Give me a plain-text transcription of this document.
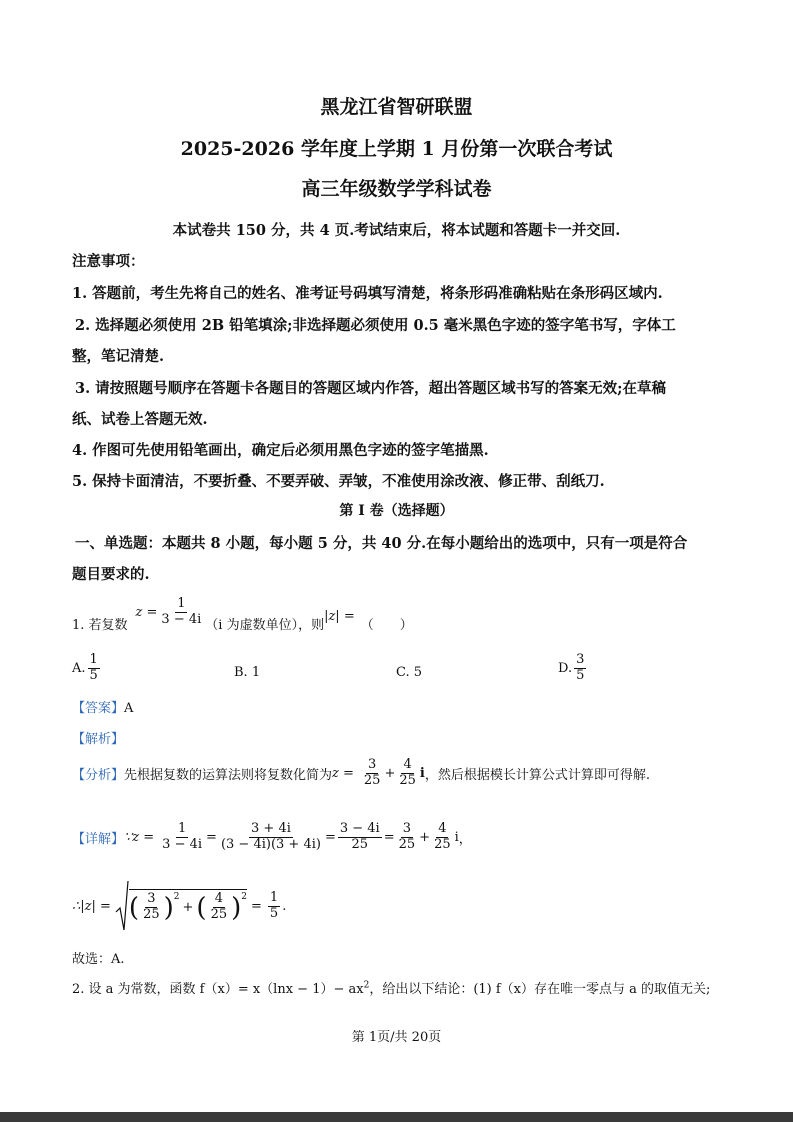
黑龙江省智研联盟
2025-2026 学年度上学期 1 月份第一次联合考试
高三年级数学学科试卷
本试卷共 150 分，共 4 页.考试结束后，将本试题和答题卡一并交回.
注意事项：
1. 答题前，考生先将自己的姓名、准考证号码填写清楚，将条形码准确粘贴在条形码区域内.
2. 选择题必须使用 2B 铅笔填涂;非选择题必须使用 0.5 毫米黑色字迹的签字笔书写，字体工
整，笔记清楚.
3. 请按照题号顺序在答题卡各题目的答题区域内作答，超出答题区域书写的答案无效;在草稿
纸、试卷上答题无效.
4. 作图可先使用铅笔画出，确定后必须用黑色字迹的签字笔描黑.
5. 保持卡面清洁，不要折叠、不要弄破、弄皱，不准使用涂改液、修正带、刮纸刀.
第 I 卷（选择题）
一、单选题：本题共 8 小题，每小题 5 分，共 40 分.在每小题给出的选项中，只有一项是符合
题目要求的.
1. 若复数
$z = \frac{1}{3 - 4i} (i$ 为虚数单位），则
|z| =
（　　）
A. $\frac{1}{5}$	B. 1	C. 5	D. $\frac{3}{5}$
【答案】A
【解析】
【分析】 先根据复数的运算法则将复数化简为 $z = \frac{3}{25} + \frac{4}{25}$ i ，然后根据模长计算公式计算即可得解.
【详解】 ∵z = $\frac{1}{3 - 4i} = \frac{3 + 4i}{(3 - 4i)(3 + 4i)} = \frac{3 - 4i}{25} = \frac{3}{25} + \frac{4}{25}$ i ，
∴|z| = ( $\frac{3}{25} )^2$
+ ( $\frac{4}{25} )^2$
= $\frac{1}{5}$ .
故选：A.
2. 设 a 为常数，函数 $f(x)= x(\ln x - 1)- ax^2$，给出以下结论：(1) f（x）存在唯一零点与 a 的取值无关;
第 1页/共 20页
